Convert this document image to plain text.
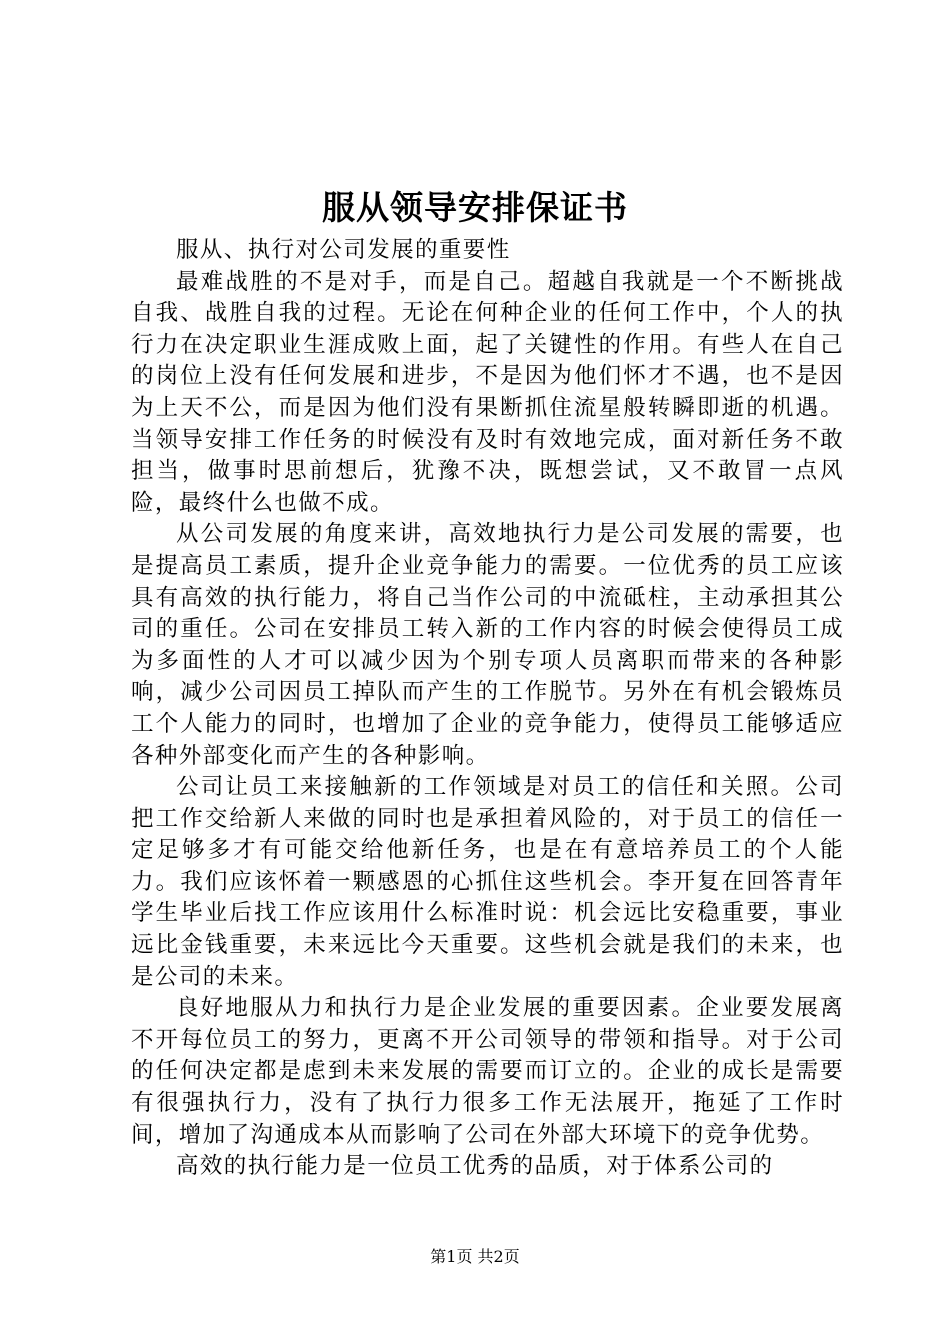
服从领导安排保证书

服从、执行对公司发展的重要性

最难战胜的不是对手，而是自己。超越自我就是一个不断挑战自我、战胜自我的过程。无论在何种企业的任何工作中，个人的执行力在决定职业生涯成败上面，起了关键性的作用。有些人在自己的岗位上没有任何发展和进步，不是因为他们怀才不遇，也不是因为上天不公，而是因为他们没有果断抓住流星般转瞬即逝的机遇。当领导安排工作任务的时候没有及时有效地完成，面对新任务不敢担当，做事时思前想后，犹豫不决，既想尝试，又不敢冒一点风险，最终什么也做不成。

从公司发展的角度来讲，高效地执行力是公司发展的需要，也是提高员工素质，提升企业竞争能力的需要。一位优秀的员工应该具有高效的执行能力，将自己当作公司的中流砥柱，主动承担其公司的重任。公司在安排员工转入新的工作内容的时候会使得员工成为多面性的人才可以减少因为个别专项人员离职而带来的各种影响，减少公司因员工掉队而产生的工作脱节。另外在有机会锻炼员工个人能力的同时，也增加了企业的竞争能力，使得员工能够适应各种外部变化而产生的各种影响。

公司让员工来接触新的工作领域是对员工的信任和关照。公司把工作交给新人来做的同时也是承担着风险的，对于员工的信任一定足够多才有可能交给他新任务，也是在有意培养员工的个人能力。我们应该怀着一颗感恩的心抓住这些机会。李开复在回答青年学生毕业后找工作应该用什么标准时说：机会远比安稳重要，事业远比金钱重要，未来远比今天重要。这些机会就是我们的未来，也是公司的未来。

良好地服从力和执行力是企业发展的重要因素。企业要发展离不开每位员工的努力，更离不开公司领导的带领和指导。对于公司的任何决定都是虑到未来发展的需要而订立的。企业的成长是需要有很强执行力，没有了执行力很多工作无法展开，拖延了工作时间，增加了沟通成本从而影响了公司在外部大环境下的竞争优势。

高效的执行能力是一位员工优秀的品质，对于体系公司的

第1页 共2页
